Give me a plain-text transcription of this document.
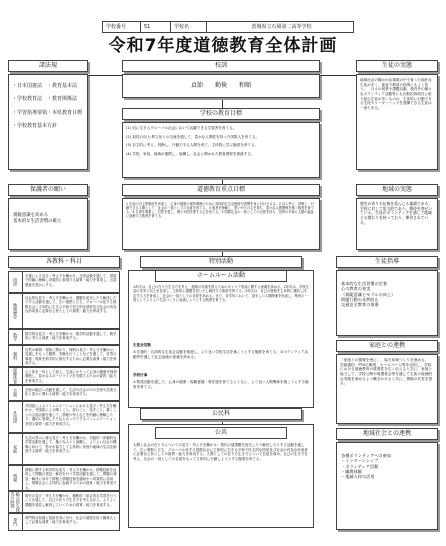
学校番号	51	学校名	茨城県立石岡第二高等学校
令和7年度道徳教育全体計画
諸法規
・日本国憲法　・教育基本法
・学校教育法　・教育関係法
・学習指導要領・本県教育目標
・学校教育基本方針
校訓
貞節　　勤倹　　和順
生徒の実態
地域社会の陽かかな環境の中で育った純朴な生徒が多く、素直で教員の指導にもよく従う。　日々の授業や課題活動、校内外の様々なボランティア活動等にも比較的真面目に取り組む生徒が多いものの、主体的に行動できる生徒やリーダーシップを発揮できる生徒は一部である。
学校の教育目標
(1) 信に生きるグローバル社会において活躍できる学習者を育てる。
(2) 知性の向上:異文化との交流を通して、豊かな人間性を持った国際人を育てる。
(3) 自主的に考え、判断し、行動できる人間を育て、主体的に学ぶ態度を育てる。
(4) 学校、家庭、地域が連携し、協働し、社会に開かれた教育課程を推進する。
保護者の願い
規範意識を高める
基本的な生活習慣の確立
道徳教育重点目標
1 生徒の自主的態度を育成し、心身の健康の保持増進のために具体的な生活態度や習慣を身に付けさせる。2 自ら考え、判断し、行動できる人間として、社会の一員としての自覚を育てる。3 他者を理解し、思いやりの心を持ち、豊かな人間関係を築く態度を育てる。4 生命を尊重し、自然を愛し、郷土や国を愛する心を育てる。5 国際社会の一員としての自覚を持ち、世界の平和と人類の福祉に貢献する態度を育てる。
地域の実態
歴史がありお伝統を重んじる地域である。
学校に対して協力的であり、期待を寄せいている。生徒がボランティアを通して地域との関わりを持っており、期待されている。
各教科・科目
国語
言葉による見方・考え方を働かせ、言語活動を通して、国語で的確に理解し効果的に表現する資質・能力を育成し、言語感覚を豊かにする。
地理歴史
社会的な見方・考え方を働かせ、課題を追究したり解決したりする活動を通して、広い視野に立ち、グローバル化する国際社会に主体的に生きる平和で民主的な国家及び社会の有為な形成者に必要な公民としての資質・能力を育成する。
数学	数学的な見方・考え方を働かせ、数学的活動を通して、数学的に考える資質・能力を育成する。
理科
自然の事物・現象に関わり、理科の見方・考え方を働かせ、見通しをもって観察、実験を行うことなどを通して、自然の事物・現象を科学的に探究するために必要な資質・能力を育成する。
保健体育	心と体を一体として捉え、生涯にわたって心身の健康を保持増進し、豊かなスポーツライフを実現するための資質・能力を育成する。
芸術	芸術の幅広い活動を通して、生活や社会の中の芸術や芸術文化と豊かに関わる資質・能力を育成する。
外国語
外国語によるコミュニケーションにおける見方・考え方を働かせ、外国語による聞くこと、読むこと、話すこと、書くことの言語活動を通して、情報や考えなどを的確に理解したり、適切に表現したり伝え合ったりするコミュニケーションを図る資質・能力を育成する。
家庭
生活の営みに係る見方・考え方を働かせ、実践的・体験的な学習活動を通して、様々な人々と協働し、よりよい社会の構築に向けて、男女が協力して主体的に家庭や地域の生活を創造する資質・能力を育成する。
情報
情報に関する科学的な見方・考え方を働かせ、情報技術を活用して問題の発見・解決を行う学習活動を通して、問題の発見・解決に向けて情報と情報技術を適切かつ効果的に活用し、情報社会に主体的に参画するための資質・能力を育成する。
総合的な探究の時間	探究の見方・考え方を働かせ、横断的・総合的な学習を行うことを通して、自己の在り方生き方を考えながら、よりよく課題を発見し解決していくための資質・能力を育成する。
専門	専門的な知識と技術を身に付け、社会の発展を担う職業人として必要な資質・能力を育成する。
特別活動
ホームルーム活動
1年次は、自己の在り方生き方を考え、進路の実現を図るためのキャリア形成に関する意識を高める。2年次は、学校生活の充実と向上を目指し、主体的に課題を見いだし解決する態度を育てる。3年次は、自己の進路を主体的に選択し決定する力を育成し、社会の一員としての自覚を高める。また、各学年において、望ましい人間関係を形成し、集団の一員としてよりよい生活づくりに参画しようとする態度を育てる。
生徒会活動
①自発的・自治的な生徒会活動を推進し、より良い学校生活を築こうとする態度を育てる。②ボランティア活動等を通して社会参画の意識を高める。
学校行事
①集団活動を通して、心身の健康・規範意識・責任感を育てるとともに、より良い人間関係を築こうとする態度を育てる。
公民科
公共
人間と社会の在り方についての見方・考え方を働かせ、現代の諸課題を追究したり解決したりする活動を通して、広い視野に立ち、グローバル化する国際社会に主体的に生きる平和で民主的な国家及び社会の有為な形成者に必要な公民としての資質・能力を育成する。人間としての在り方生き方について自覚を深め、自己の生き方を考え、社会の一員としての自覚をもって主体的に行動しようとする態度を育てる。
生徒指導
基本的な生活習慣の定着
心の教育の充実
（規範意識とモラルの向上）
問題行動の未然防止
交通安全教育の推進
家庭との連携
「家庭との情報を密に」、協力体制づくりを進める。
学級通信、PTA広報紙、ホームページ等を活用し、学校における道徳教育の重要性を広く伝えると共に、家庭と協力して、学校公開や保護者会等を通して生徒の道徳的な実践を深めるよう働きかけると共に、情報の共有を図る。
地域社会との連携
各種ボランティアへの参加
・インターンシップ
・ボランティア活動
・職場体験
・地域人材の活用
